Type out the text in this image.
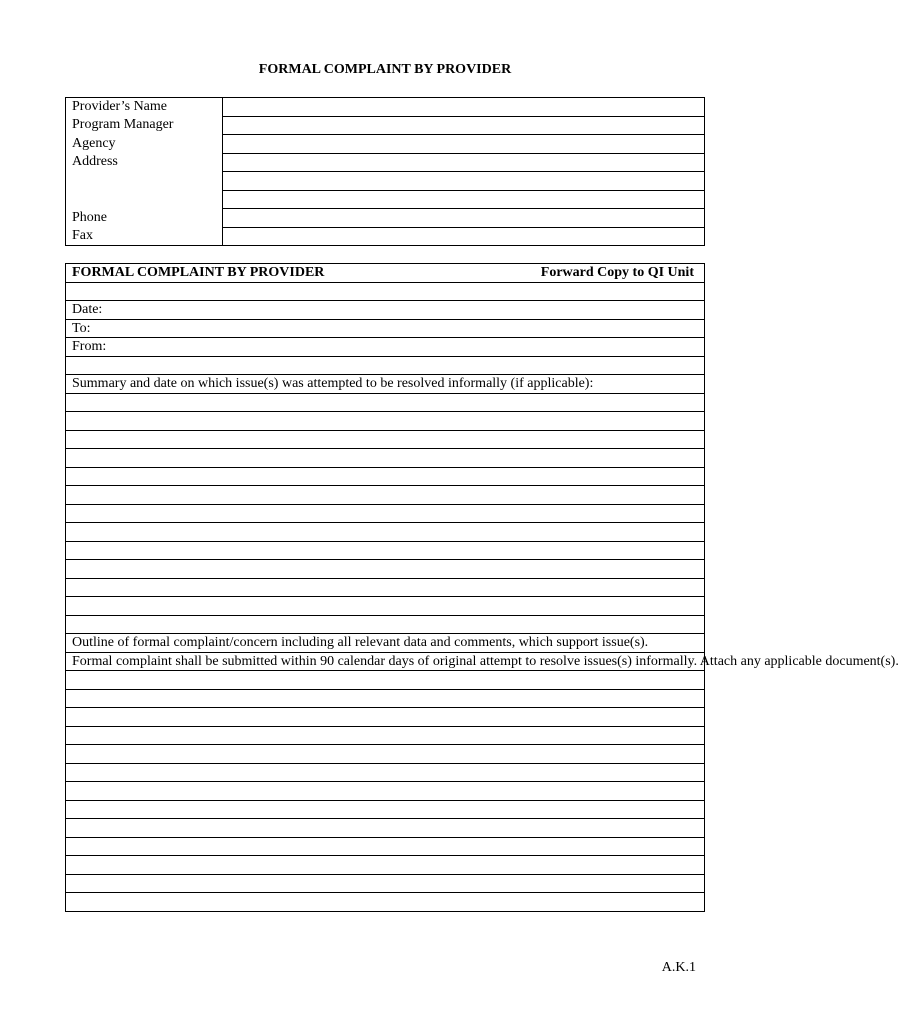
FORMAL COMPLAINT BY PROVIDER
Provider’s Name	
Program Manager	
Agency	
Address	

Phone	
Fax	
FORMAL COMPLAINT BY PROVIDER	Forward Copy to QI Unit

Date:
To:
From:

Summary and date on which issue(s) was attempted to be resolved informally (if applicable):

Outline of formal complaint/concern including all relevant data and comments, which support issue(s).
Formal complaint shall be submitted within 90 calendar days of original attempt to resolve issues(s) informally. Attach any applicable document(s).

A.K.1
